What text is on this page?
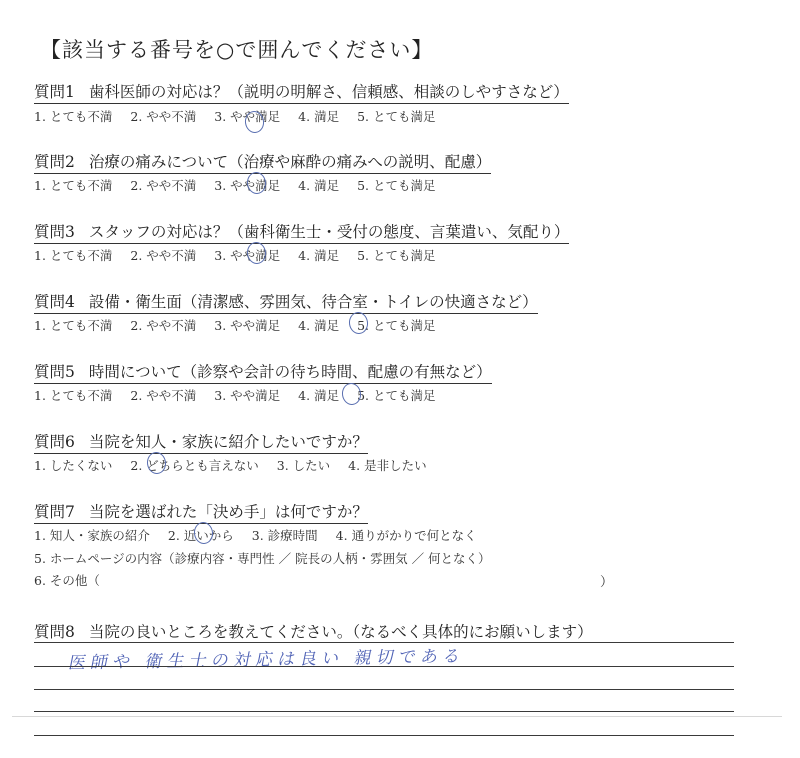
【該当する番号を○で囲んでください】
質問1 歯科医師の対応は？（説明の明解さ、信頼感、相談のしやすさなど）
1. とても不満 2. やや不満 3. やや満足 4. 満足 5. とても満足
質問2 治療の痛みについて（治療や麻酔の痛みへの説明、配慮）
1. とても不満 2. やや不満 3. やや満足 4. 満足 5. とても満足
質問3 スタッフの対応は？（歯科衛生士・受付の態度、言葉遣い、気配り）
1. とても不満 2. やや不満 3. やや満足 4. 満足 5. とても満足
質問4 設備・衛生面（清潔感、雰囲気、待合室・トイレの快適さなど）
1. とても不満 2. やや不満 3. やや満足 4. 満足 5. とても満足
質問5 時間について（診察や会計の待ち時間、配慮の有無など）
1. とても不満 2. やや不満 3. やや満足 4. 満足 5. とても満足
質問6 当院を知人・家族に紹介したいですか？
1. したくない 2. どちらとも言えない 3. したい 4. 是非したい
質問7 当院を選ばれた「決め手」は何ですか？
1. 知人・家族の紹介 2. 近いから 3. 診療時間 4. 通りがかりで何となく
5. ホームページの内容（診療内容・専門性 ／ 院長の人柄・雰囲気 ／ 何となく）
6. その他（	）
質問8 当院の良いところを教えてください。（なるべく具体的にお願いします）
医師や 衛生士の対応は良い 親切である
